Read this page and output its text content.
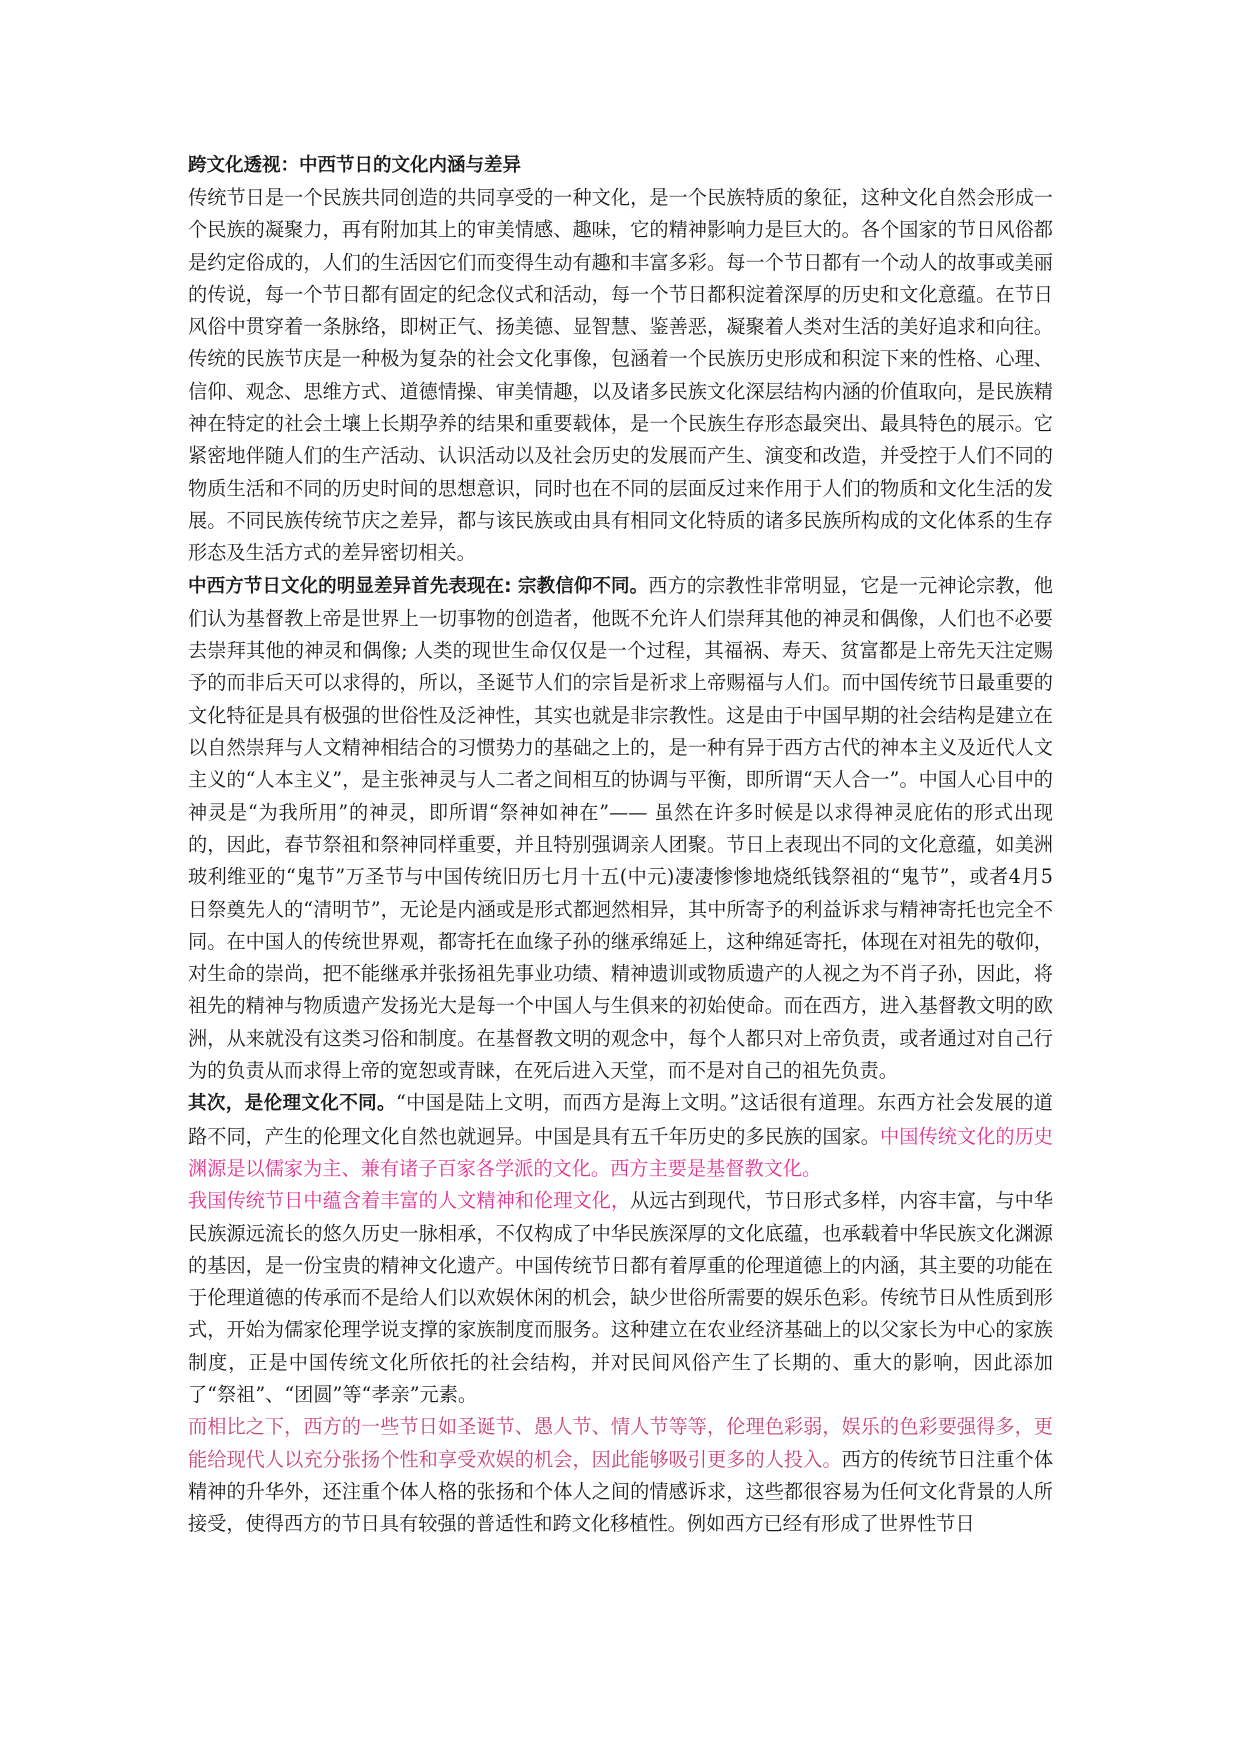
跨文化透视：中西节日的文化内涵与差异

传统节日是一个民族共同创造的共同享受的一种文化，是一个民族特质的象征，这种文化自然会形成一个民族的凝聚力，再有附加其上的审美情感、趣味，它的精神影响力是巨大的。各个国家的节日风俗都是约定俗成的，人们的生活因它们而变得生动有趣和丰富多彩。每一个节日都有一个动人的故事或美丽的传说，每一个节日都有固定的纪念仪式和活动，每一个节日都积淀着深厚的历史和文化意蕴。在节日风俗中贯穿着一条脉络，即树正气、扬美德、显智慧、鉴善恶，凝聚着人类对生活的美好追求和向往。传统的民族节庆是一种极为复杂的社会文化事像，包涵着一个民族历史形成和积淀下来的性格、心理、信仰、观念、思维方式、道德情操、审美情趣，以及诸多民族文化深层结构内涵的价值取向，是民族精神在特定的社会土壤上长期孕养的结果和重要载体，是一个民族生存形态最突出、最具特色的展示。它紧密地伴随人们的生产活动、认识活动以及社会历史的发展而产生、演变和改造，并受控于人们不同的物质生活和不同的历史时间的思想意识，同时也在不同的层面反过来作用于人们的物质和文化生活的发展。不同民族传统节庆之差异，都与该民族或由具有相同文化特质的诸多民族所构成的文化体系的生存形态及生活方式的差异密切相关。

中西方节日文化的明显差异首先表现在: 宗教信仰不同。西方的宗教性非常明显，它是一元神论宗教，他们认为基督教上帝是世界上一切事物的创造者，他既不允许人们崇拜其他的神灵和偶像，人们也不必要去崇拜其他的神灵和偶像; 人类的现世生命仅仅是一个过程，其福祸、寿天、贫富都是上帝先天注定赐予的而非后天可以求得的，所以，圣诞节人们的宗旨是祈求上帝赐福与人们。而中国传统节日最重要的文化特征是具有极强的世俗性及泛神性，其实也就是非宗教性。这是由于中国早期的社会结构是建立在以自然崇拜与人文精神相结合的习惯势力的基础之上的，是一种有异于西方古代的神本主义及近代人文主义的“人本主义”，是主张神灵与人二者之间相互的协调与平衡，即所谓“天人合一”。中国人心目中的神灵是“为我所用”的神灵，即所谓“祭神如神在”—— 虽然在许多时候是以求得神灵庇佑的形式出现的，因此，春节祭祖和祭神同样重要，并且特别强调亲人团聚。节日上表现出不同的文化意蕴，如美洲玻利维亚的“鬼节”万圣节与中国传统旧历七月十五(中元)凄凄惨惨地烧纸钱祭祖的“鬼节”，或者4月5日祭奠先人的“清明节”，无论是内涵或是形式都迥然相异，其中所寄予的利益诉求与精神寄托也完全不同。在中国人的传统世界观，都寄托在血缘子孙的继承绵延上，这种绵延寄托，体现在对祖先的敬仰，对生命的崇尚，把不能继承并张扬祖先事业功绩、精神遗训或物质遗产的人视之为不肖子孙，因此，将祖先的精神与物质遗产发扬光大是每一个中国人与生俱来的初始使命。而在西方，进入基督教文明的欧洲，从来就没有这类习俗和制度。在基督教文明的观念中，每个人都只对上帝负责，或者通过对自己行为的负责从而求得上帝的宽恕或青睐，在死后进入天堂，而不是对自己的祖先负责。

其次，是伦理文化不同。“中国是陆上文明，而西方是海上文明。”这话很有道理。东西方社会发展的道路不同，产生的伦理文化自然也就迥异。中国是具有五千年历史的多民族的国家。中国传统文化的历史渊源是以儒家为主、兼有诸子百家各学派的文化。西方主要是基督教文化。

我国传统节日中蕴含着丰富的人文精神和伦理文化，从远古到现代，节日形式多样，内容丰富，与中华民族源远流长的悠久历史一脉相承，不仅构成了中华民族深厚的文化底蕴，也承载着中华民族文化渊源的基因，是一份宝贵的精神文化遗产。中国传统节日都有着厚重的伦理道德上的内涵，其主要的功能在于伦理道德的传承而不是给人们以欢娱休闲的机会，缺少世俗所需要的娱乐色彩。传统节日从性质到形式，开始为儒家伦理学说支撑的家族制度而服务。这种建立在农业经济基础上的以父家长为中心的家族制度，正是中国传统文化所依托的社会结构，并对民间风俗产生了长期的、重大的影响，因此添加了“祭祖”、“团圆”等“孝亲”元素。

而相比之下，西方的一些节日如圣诞节、愚人节、情人节等等，伦理色彩弱，娱乐的色彩要强得多，更能给现代人以充分张扬个性和享受欢娱的机会，因此能够吸引更多的人投入。西方的传统节日注重个体精神的升华外，还注重个体人格的张扬和个体人之间的情感诉求，这些都很容易为任何文化背景的人所接受，使得西方的节日具有较强的普适性和跨文化移植性。例如西方已经有形成了世界性节日
